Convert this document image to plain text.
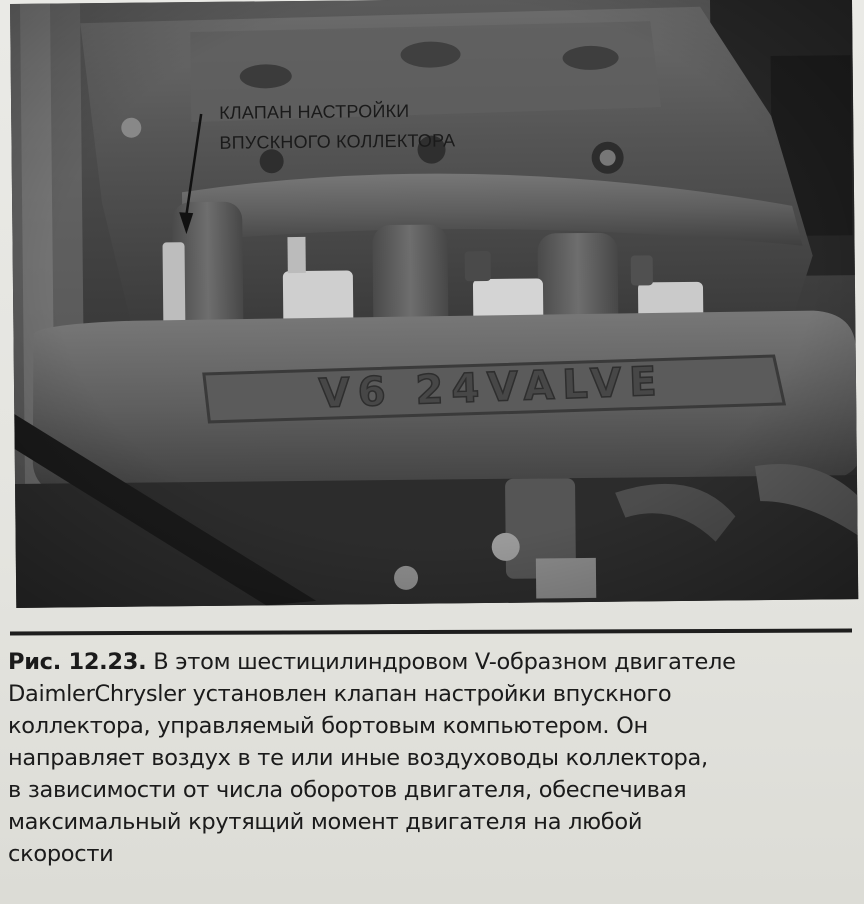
КЛАПАН НАСТРОЙКИ
ВПУСКНОГО КОЛЛЕКТОРА
Рис. 12.23. В этом шестицилиндровом V-образном двигателе
DaimlerChrysler установлен клапан настройки впускного
коллектора, управляемый бортовым компьютером. Он
направляет воздух в те или иные воздуховоды коллектора,
в зависимости от числа оборотов двигателя, обеспечивая
максимальный крутящий момент двигателя на любой
скорости
